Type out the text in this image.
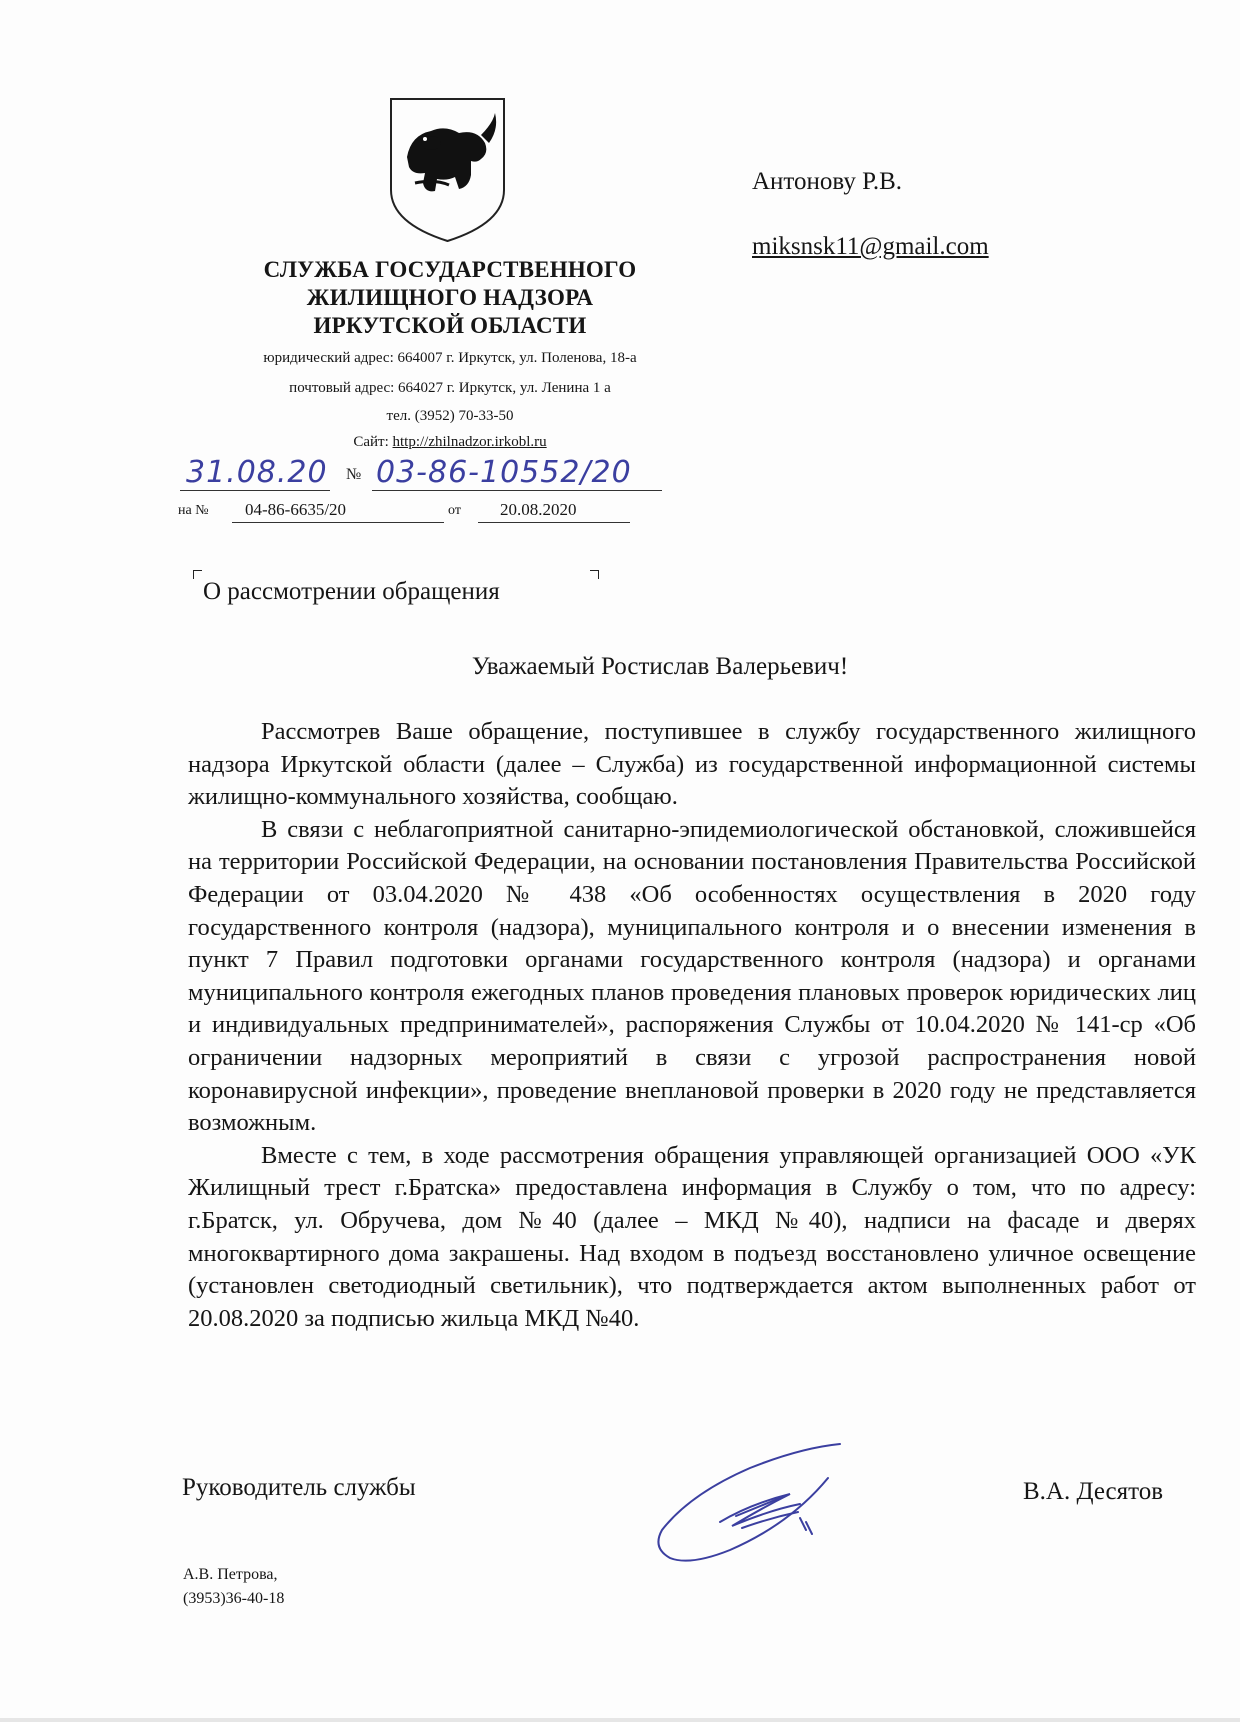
СЛУЖБА ГОСУДАРСТВЕННОГО
ЖИЛИЩНОГО НАДЗОРА
ИРКУТСКОЙ ОБЛАСТИ
юридический адрес: 664007 г. Иркутск, ул. Поленова, 18-а
почтовый адрес: 664027 г. Иркутск, ул. Ленина 1 а
тел. (3952) 70-33-50
Сайт: http://zhilnadzor.irkobl.ru
31.08.20 № 03-86-10552/20
на № 04-86-6635/20	от 20.08.2020
Антонову Р.В.
miksnsk11@gmail.com
О рассмотрении обращения
Уважаемый Ростислав Валерьевич!

Рассмотрев Ваше обращение, поступившее в службу государственного жилищного надзора Иркутской области (далее – Служба) из государственной информационной системы жилищно-коммунального хозяйства, сообщаю.

В связи с неблагоприятной санитарно-эпидемиологической обстановкой, сложившейся на территории Российской Федерации, на основании постановления Правительства Российской Федерации от 03.04.2020 № 438 «Об особенностях осуществления в 2020 году государственного контроля (надзора), муниципального контроля и о внесении изменения в пункт 7 Правил подготовки органами государственного контроля (надзора) и органами муниципального контроля ежегодных планов проведения плановых проверок юридических лиц и индивидуальных предпринимателей», распоряжения Службы от 10.04.2020 № 141-ср «Об ограничении надзорных мероприятий в связи с угрозой распространения новой коронавирусной инфекции», проведение внеплановой проверки в 2020 году не представляется возможным.

Вместе с тем, в ходе рассмотрения обращения управляющей организацией ООО «УК Жилищный трест г.Братска» предоставлена информация в Службу о том, что по адресу: г.Братск, ул. Обручева, дом №40 (далее – МКД №40), надписи на фасаде и дверях многоквартирного дома закрашены. Над входом в подъезд восстановлено уличное освещение (установлен светодиодный светильник), что подтверждается актом выполненных работ от 20.08.2020 за подписью жильца МКД №40.

Руководитель службы	В.А. Десятов
А.В. Петрова,
(3953)36-40-18
